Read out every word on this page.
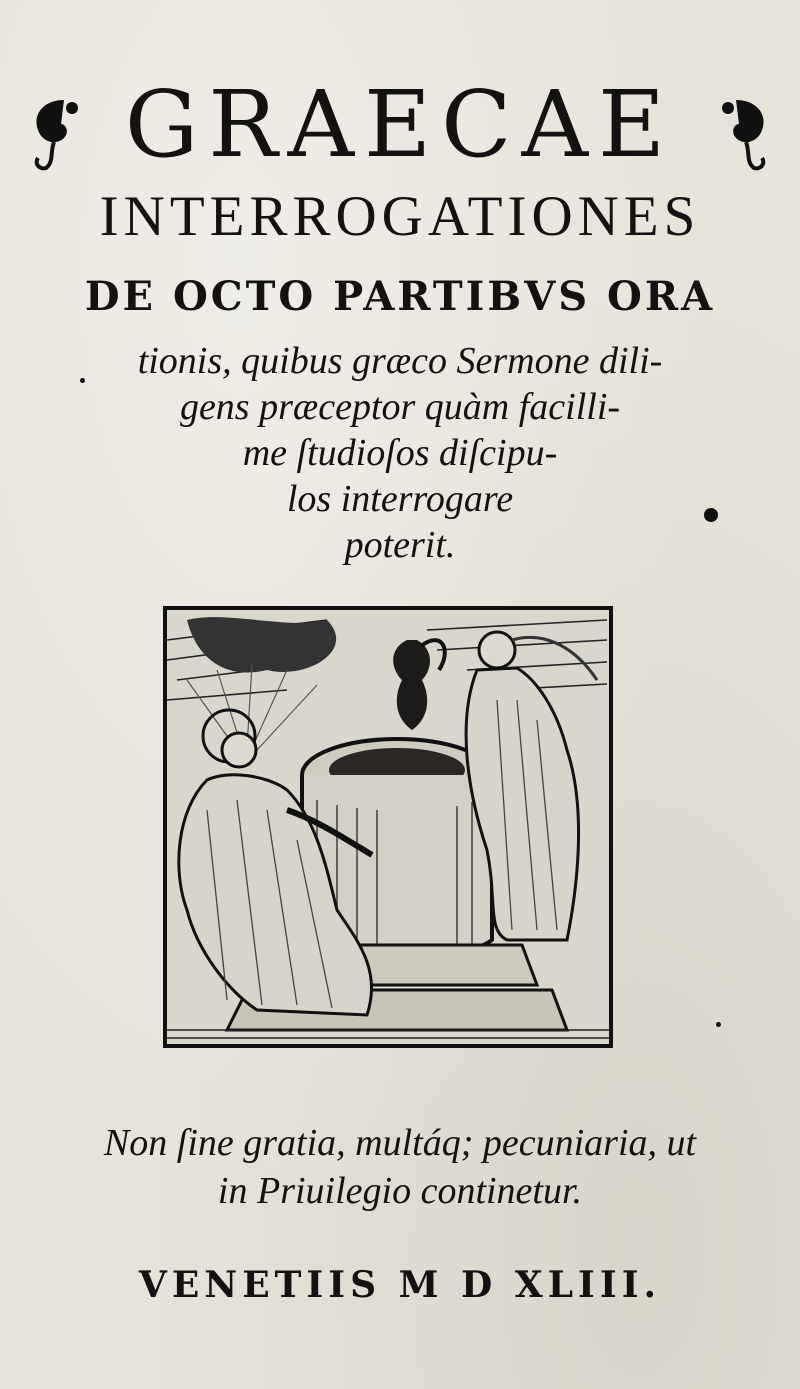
GRAECAE
INTERROGATIONES
DE OCTO PARTIBVS ORA
tionis, quibus græco Sermone dili-
gens præceptor quàm facilli-
me ſtudioſos diſcipu-
los interrogare
poterit.
Non ſine gratia, multáq; pecuniaria, ut
in Priuilegio continetur.
VENETIIS M D XLIII.
